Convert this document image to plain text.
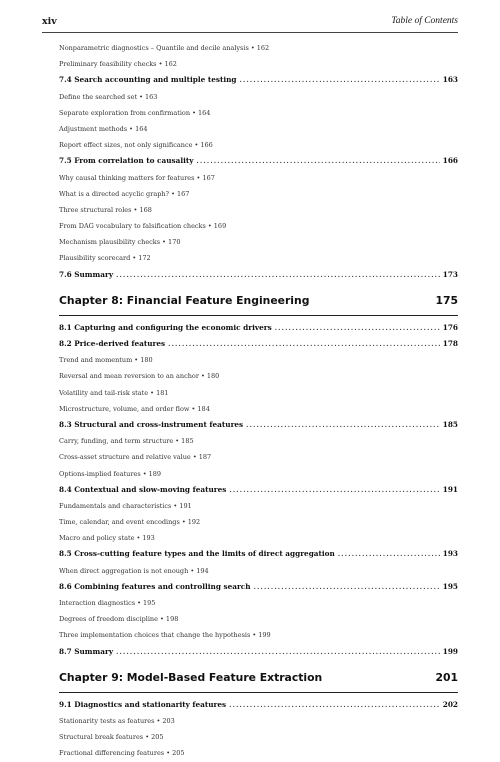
xiv	Table of Contents
Nonparametric diagnostics – Quantile and decile analysis • 162
Preliminary feasibility checks • 162
7.4 Search accounting and multiple testing .....	163
Define the searched set • 163
Separate exploration from confirmation • 164
Adjustment methods • 164
Report effect sizes, not only significance • 166
7.5 From correlation to causality .....	166
Why causal thinking matters for features • 167
What is a directed acyclic graph? • 167
Three structural roles • 168
From DAG vocabulary to falsification checks • 169
Mechanism plausibility checks • 170
Plausibility scorecard • 172
7.6 Summary .....	173
Chapter 8: Financial Feature Engineering	175
8.1 Capturing and configuring the economic drivers .....	176
8.2 Price-derived features .....	178
Trend and momentum • 180
Reversal and mean reversion to an anchor • 180
Volatility and tail-risk state • 181
Microstructure, volume, and order flow • 184
8.3 Structural and cross-instrument features .....	185
Carry, funding, and term structure • 185
Cross-asset structure and relative value • 187
Options-implied features • 189
8.4 Contextual and slow-moving features .....	191
Fundamentals and characteristics • 191
Time, calendar, and event encodings • 192
Macro and policy state • 193
8.5 Cross-cutting feature types and the limits of direct aggregation .....	193
When direct aggregation is not enough • 194
8.6 Combining features and controlling search .....	195
Interaction diagnostics • 195
Degrees of freedom discipline • 198
Three implementation choices that change the hypothesis • 199
8.7 Summary .....	199
Chapter 9: Model-Based Feature Extraction	201
9.1 Diagnostics and stationarity features .....	202
Stationarity tests as features • 203
Structural break features • 205
Fractional differencing features • 205
